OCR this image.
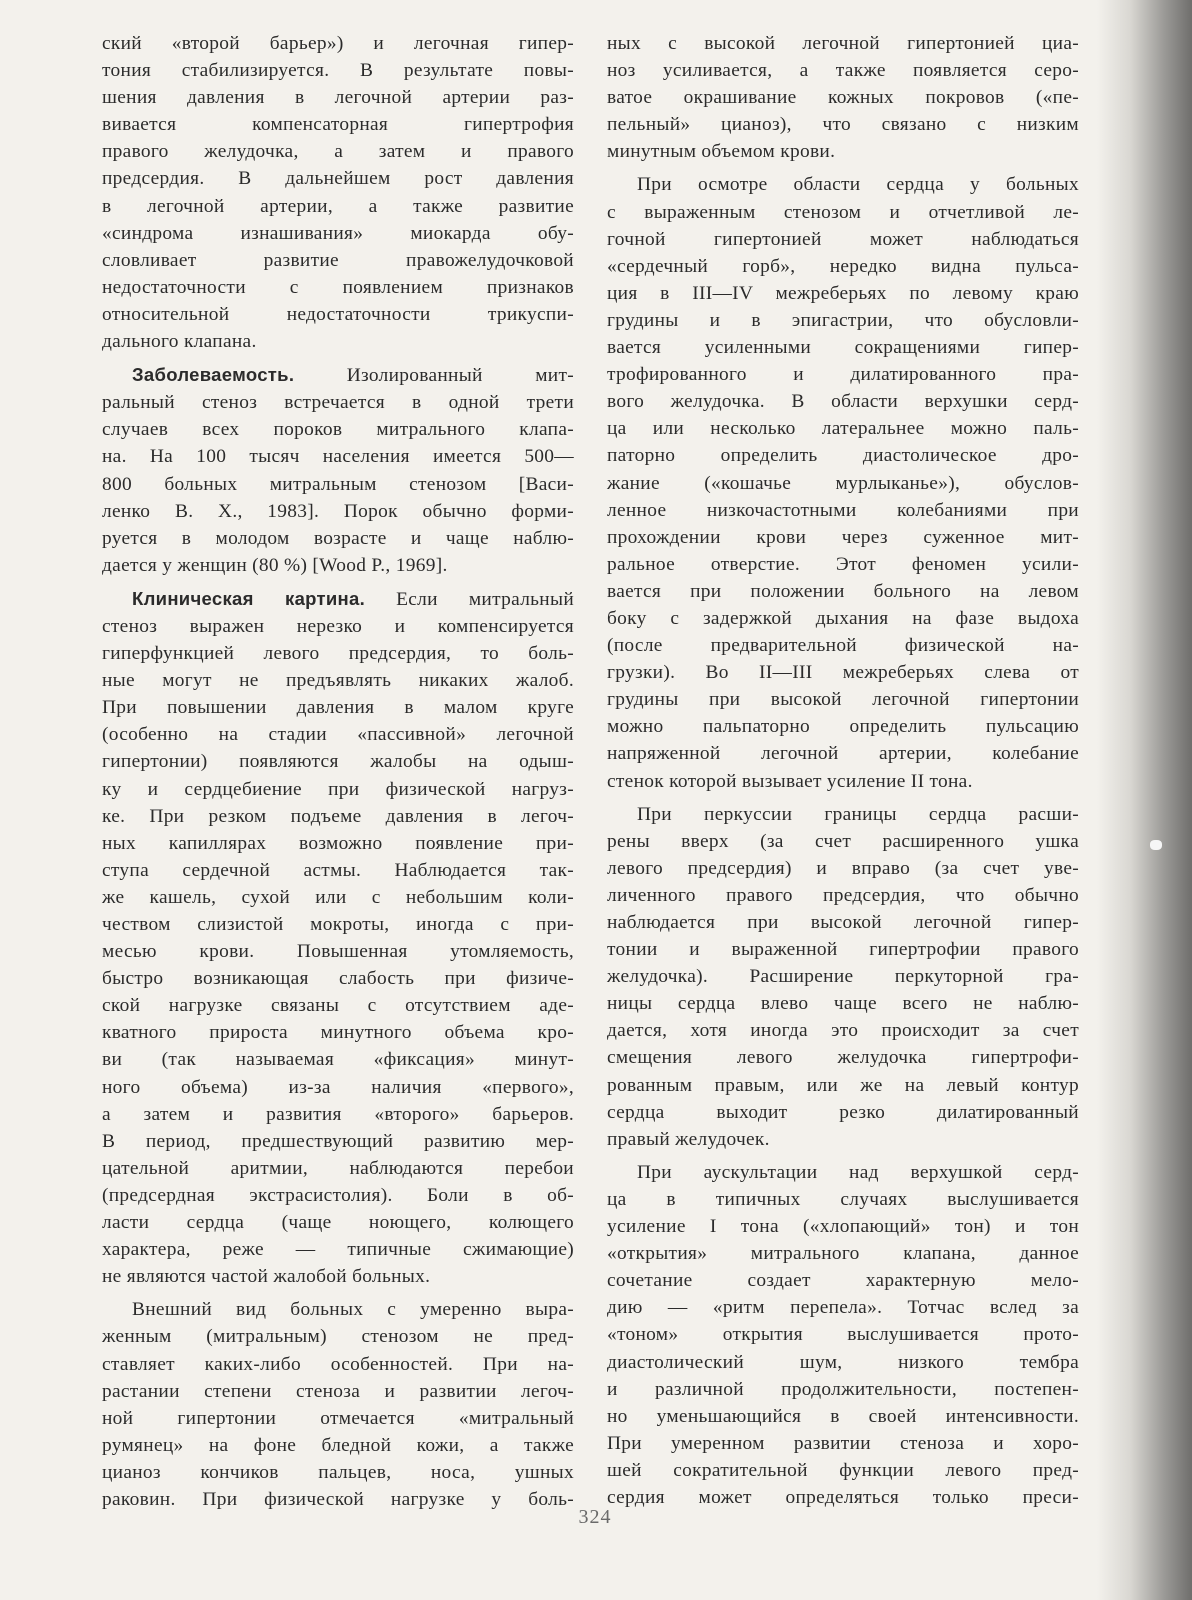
ский «второй барьер») и легочная гипер-
тония стабилизируется. В результате повы-
шения давления в легочной артерии раз-
вивается компенсаторная гипертрофия
правого желудочка, а затем и правого
предсердия. В дальнейшем рост давления
в легочной артерии, а также развитие
«синдрома изнашивания» миокарда обу-
словливает развитие правожелудочковой
недостаточности с появлением признаков
относительной недостаточности трикуспи-
дального клапана.
Заболеваемость.	Изолированный мит-
ральный стеноз встречается в одной трети
случаев всех пороков митрального клапа-
на. На 100 тысяч населения имеется 500—
800 больных митральным стенозом [Васи-
ленко В. Х., 1983]. Порок обычно форми-
руется в молодом возрасте и чаще наблю-
дается у женщин (80 %) [Wood P., 1969].
Клиническая картина. Если митральный
стеноз выражен нерезко и компенсируется
гиперфункцией левого предсердия, то боль-
ные могут не предъявлять никаких жалоб.
При повышении давления в малом круге
(особенно на стадии «пассивной» легочной
гипертонии) появляются жалобы на одыш-
ку и сердцебиение при физической нагруз-
ке. При резком подъеме давления в легоч-
ных капиллярах возможно появление при-
ступа сердечной астмы. Наблюдается так-
же кашель, сухой или с небольшим коли-
чеством слизистой мокроты, иногда с при-
месью крови. Повышенная утомляемость,
быстро возникающая слабость при физиче-
ской нагрузке связаны с отсутствием аде-
кватного прироста минутного объема кро-
ви (так называемая «фиксация» минут-
ного объема) из-за наличия «первого»,
а затем и развития «второго» барьеров.
В период, предшествующий развитию мер-
цательной аритмии, наблюдаются перебои
(предсердная экстрасистолия). Боли в об-
ласти сердца (чаще ноющего, колющего
характера, реже — типичные сжимающие)
не являются частой жалобой больных.
Внешний вид больных с умеренно выра-
женным (митральным) стенозом не пред-
ставляет каких-либо особенностей. При на-
растании степени стеноза и развитии легоч-
ной гипертонии отмечается «митральный
румянец» на фоне бледной кожи, а также
цианоз кончиков пальцев, носа, ушных
раковин. При физической нагрузке у боль-
ных с высокой легочной гипертонией циа-
ноз усиливается, а также появляется серо-
ватое окрашивание кожных покровов («пе-
пельный» цианоз), что связано с низким
минутным объемом крови.
При осмотре области сердца у больных
с выраженным стенозом и отчетливой ле-
гочной гипертонией может наблюдаться
«сердечный горб», нередко видна пульса-
ция в III—IV межреберьях по левому краю
грудины и в эпигастрии, что обусловли-
вается усиленными сокращениями гипер-
трофированного и дилатированного пра-
вого желудочка. В области верхушки серд-
ца или несколько латеральнее можно паль-
паторно определить диастолическое дро-
жание («кошачье мурлыканье»), обуслов-
ленное низкочастотными колебаниями при
прохождении крови через суженное мит-
ральное отверстие. Этот феномен усили-
вается при положении больного на левом
боку с задержкой дыхания на фазе выдоха
(после предварительной физической на-
грузки). Во II—III межреберьях слева от
грудины при высокой легочной гипертонии
можно пальпаторно определить пульсацию
напряженной легочной артерии, колебание
стенок которой вызывает усиление II тона.
При перкуссии границы сердца расши-
рены вверх (за счет расширенного ушка
левого предсердия) и вправо (за счет уве-
личенного правого предсердия, что обычно
наблюдается при высокой легочной гипер-
тонии и выраженной гипертрофии правого
желудочка). Расширение перкуторной гра-
ницы сердца влево чаще всего не наблю-
дается, хотя иногда это происходит за счет
смещения левого желудочка гипертрофи-
рованным правым, или же на левый контур
сердца выходит резко дилатированный
правый желудочек.
При аускультации над верхушкой серд-
ца в типичных случаях выслушивается
усиление I тона («хлопающий» тон) и тон
«открытия» митрального клапана, данное
сочетание создает характерную мело-
дию — «ритм перепела». Тотчас вслед за
«тоном» открытия выслушивается прото-
диастолический шум, низкого тембра
и различной продолжительности, постепен-
но уменьшающийся в своей интенсивности.
При умеренном развитии стеноза и хоро-
шей сократительной функции левого пред-
сердия может определяться только преси-
324
